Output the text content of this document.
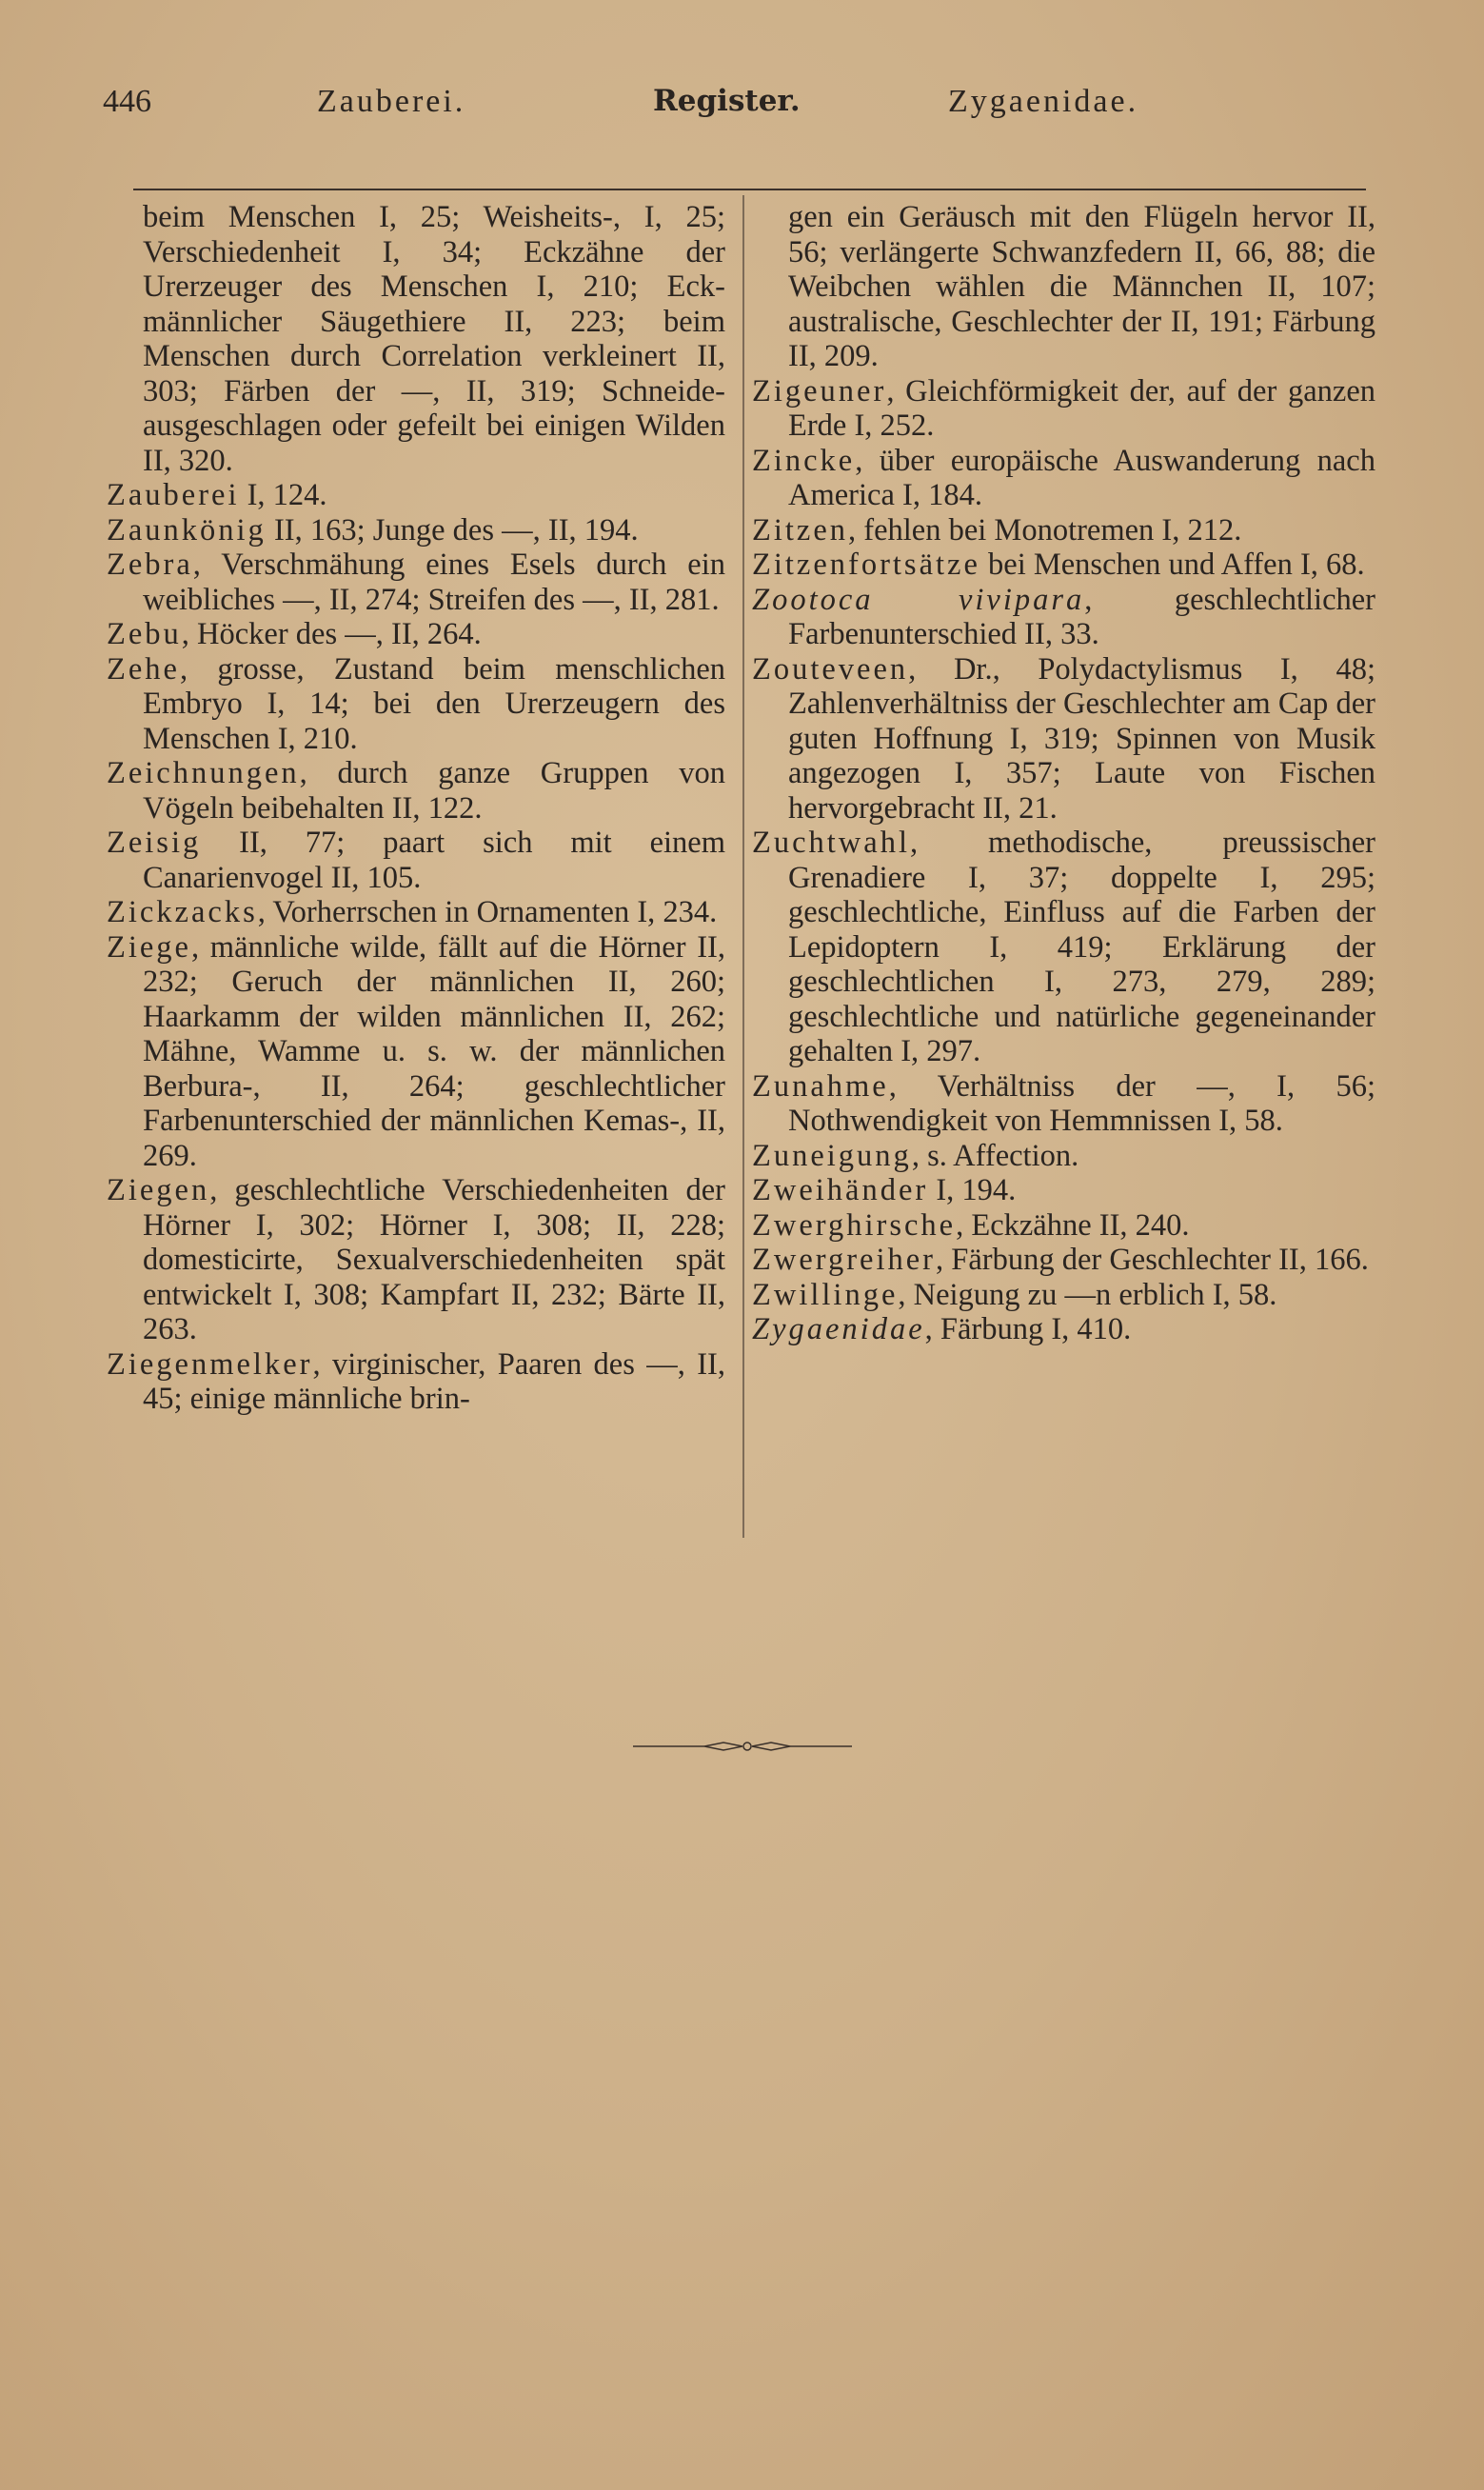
446	Zauberei.	Register.	Zygaenidae.

beim Menschen I, 25; Weisheits-, I, 25; Verschiedenheit I, 34; Eckzähne der Urerzeuger des Menschen I, 210; Eck- männlicher Säugethiere II, 223; beim Menschen durch Correlation verkleinert II, 303; Färben der —, II, 319; Schneide- ausgeschlagen oder gefeilt bei einigen Wilden II, 320.

Zauberei I, 124.

Zaunkönig II, 163; Junge des —, II, 194.

Zebra, Verschmähung eines Esels durch ein weibliches —, II, 274; Streifen des —, II, 281.

Zebu, Höcker des —, II, 264.

Zehe, grosse, Zustand beim menschlichen Embryo I, 14; bei den Urerzeugern des Menschen I, 210.

Zeichnungen, durch ganze Gruppen von Vögeln beibehalten II, 122.

Zeisig II, 77; paart sich mit einem Canarienvogel II, 105.

Zickzacks, Vorherrschen in Ornamenten I, 234.

Ziege, männliche wilde, fällt auf die Hörner II, 232; Geruch der männlichen II, 260; Haarkamm der wilden männlichen II, 262; Mähne, Wamme u. s. w. der männlichen Berbura-, II, 264; geschlechtlicher Farbenunterschied der männlichen Kemas-, II, 269.

Ziegen, geschlechtliche Verschiedenheiten der Hörner I, 302; Hörner I, 308; II, 228; domesticirte, Sexualverschiedenheiten spät entwickelt I, 308; Kampfart II, 232; Bärte II, 263.

Ziegenmelker, virginischer, Paaren des —, II, 45; einige männliche brin-

gen ein Geräusch mit den Flügeln hervor II, 56; verlängerte Schwanzfedern II, 66, 88; die Weibchen wählen die Männchen II, 107; australische, Geschlechter der II, 191; Färbung II, 209.

Zigeuner, Gleichförmigkeit der, auf der ganzen Erde I, 252.

Zincke, über europäische Auswanderung nach America I, 184.

Zitzen, fehlen bei Monotremen I, 212.

Zitzenfortsätze bei Menschen und Affen I, 68.

Zootoca vivipara, geschlechtlicher Farbenunterschied II, 33.

Zouteveen, Dr., Polydactylismus I, 48; Zahlenverhältniss der Geschlechter am Cap der guten Hoffnung I, 319; Spinnen von Musik angezogen I, 357; Laute von Fischen hervorgebracht II, 21.

Zuchtwahl, methodische, preussischer Grenadiere I, 37; doppelte I, 295; geschlechtliche, Einfluss auf die Farben der Lepidoptern I, 419; Erklärung der geschlechtlichen I, 273, 279, 289; geschlechtliche und natürliche gegeneinander gehalten I, 297.

Zunahme, Verhältniss der —, I, 56; Nothwendigkeit von Hemmnissen I, 58.

Zuneigung, s. Affection.

Zweihänder I, 194.

Zwerghirsche, Eckzähne II, 240.

Zwergreiher, Färbung der Geschlechter II, 166.

Zwillinge, Neigung zu —n erblich I, 58.

Zygaenidae, Färbung I, 410.
